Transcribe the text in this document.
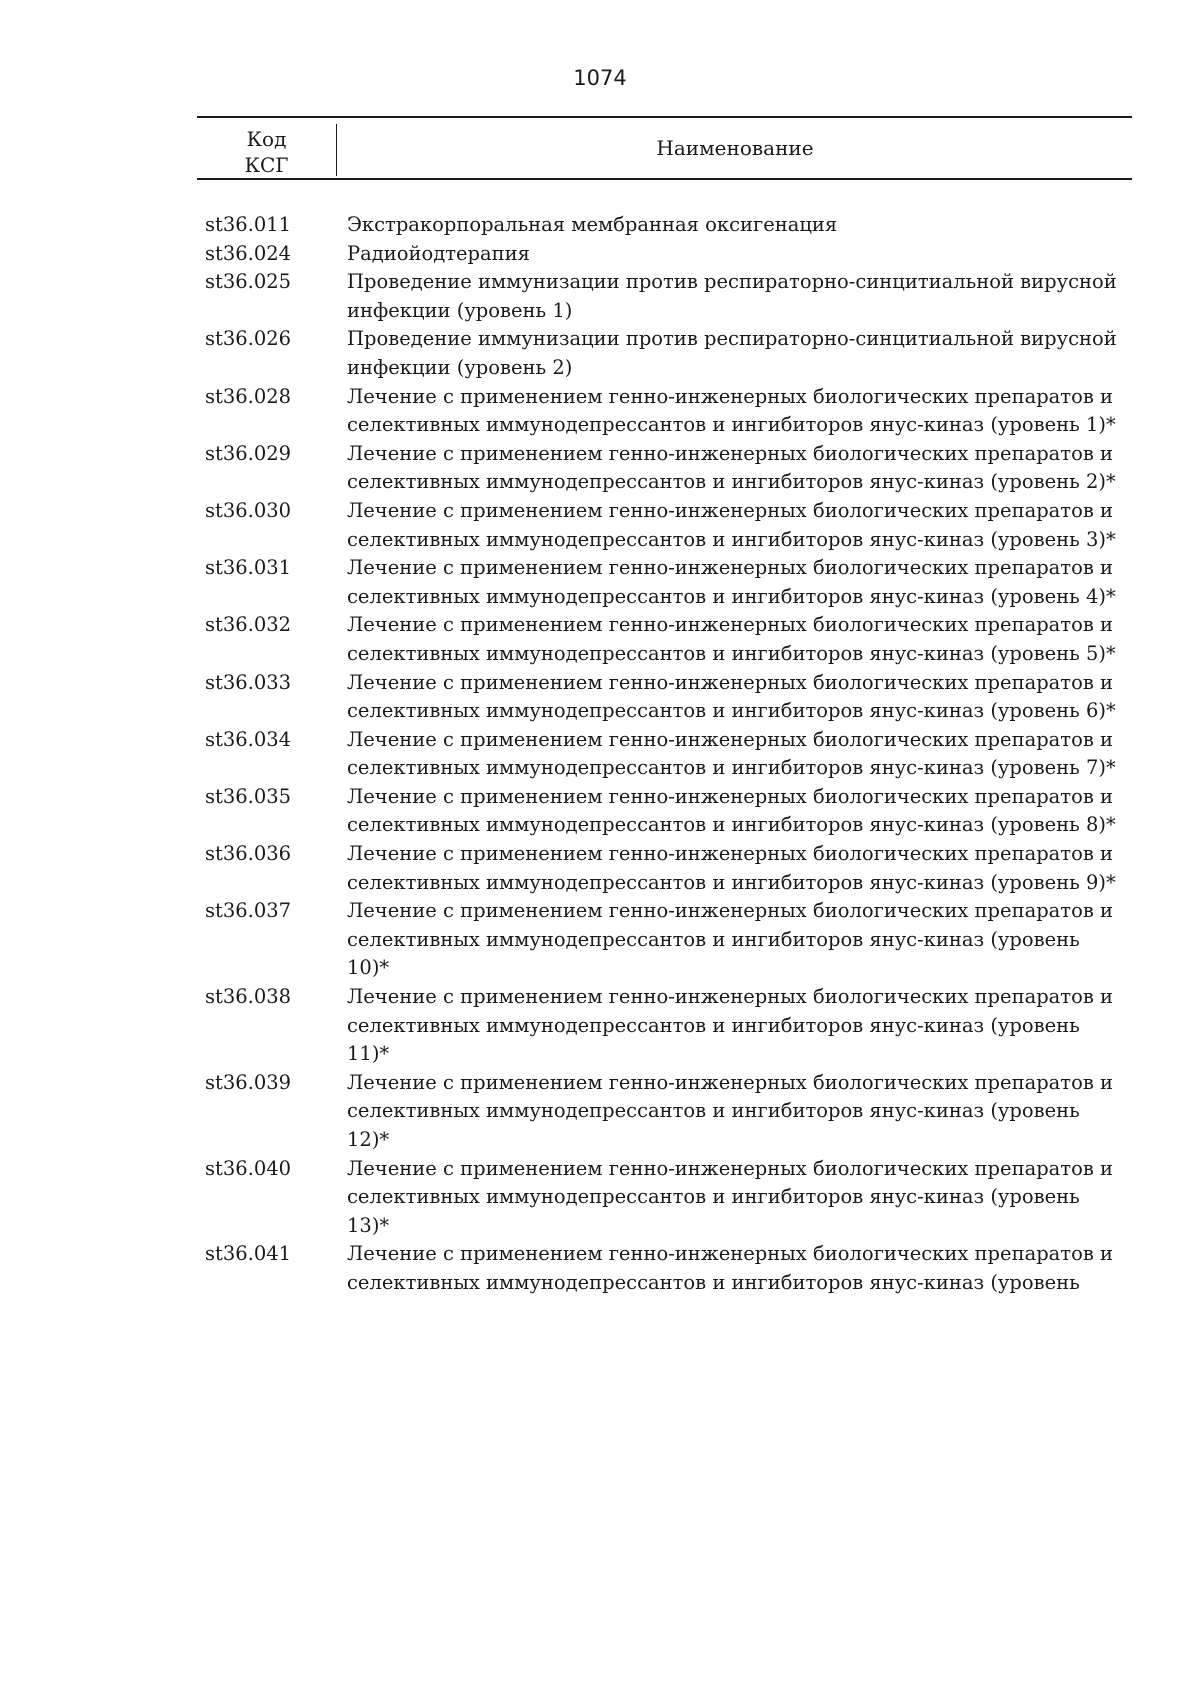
1074
Код
КСГ
Наименование
st36.011	Экстракорпоральная мембранная оксигенация
st36.024	Радиойодтерапия
st36.025	Проведение иммунизации против респираторно-синцитиальной вирусной инфекции (уровень 1)
st36.026	Проведение иммунизации против респираторно-синцитиальной вирусной инфекции (уровень 2)
st36.028	Лечение с применением генно-инженерных биологических препаратов и селективных иммунодепрессантов и ингибиторов янус-киназ (уровень 1)*
st36.029	Лечение с применением генно-инженерных биологических препаратов и селективных иммунодепрессантов и ингибиторов янус-киназ (уровень 2)*
st36.030	Лечение с применением генно-инженерных биологических препаратов и селективных иммунодепрессантов и ингибиторов янус-киназ (уровень 3)*
st36.031	Лечение с применением генно-инженерных биологических препаратов и селективных иммунодепрессантов и ингибиторов янус-киназ (уровень 4)*
st36.032	Лечение с применением генно-инженерных биологических препаратов и селективных иммунодепрессантов и ингибиторов янус-киназ (уровень 5)*
st36.033	Лечение с применением генно-инженерных биологических препаратов и селективных иммунодепрессантов и ингибиторов янус-киназ (уровень 6)*
st36.034	Лечение с применением генно-инженерных биологических препаратов и селективных иммунодепрессантов и ингибиторов янус-киназ (уровень 7)*
st36.035	Лечение с применением генно-инженерных биологических препаратов и селективных иммунодепрессантов и ингибиторов янус-киназ (уровень 8)*
st36.036	Лечение с применением генно-инженерных биологических препаратов и селективных иммунодепрессантов и ингибиторов янус-киназ (уровень 9)*
st36.037	Лечение с применением генно-инженерных биологических препаратов и селективных иммунодепрессантов и ингибиторов янус-киназ (уровень 10)*
st36.038	Лечение с применением генно-инженерных биологических препаратов и селективных иммунодепрессантов и ингибиторов янус-киназ (уровень 11)*
st36.039	Лечение с применением генно-инженерных биологических препаратов и селективных иммунодепрессантов и ингибиторов янус-киназ (уровень 12)*
st36.040	Лечение с применением генно-инженерных биологических препаратов и селективных иммунодепрессантов и ингибиторов янус-киназ (уровень 13)*
st36.041	Лечение с применением генно-инженерных биологических препаратов и селективных иммунодепрессантов и ингибиторов янус-киназ (уровень
